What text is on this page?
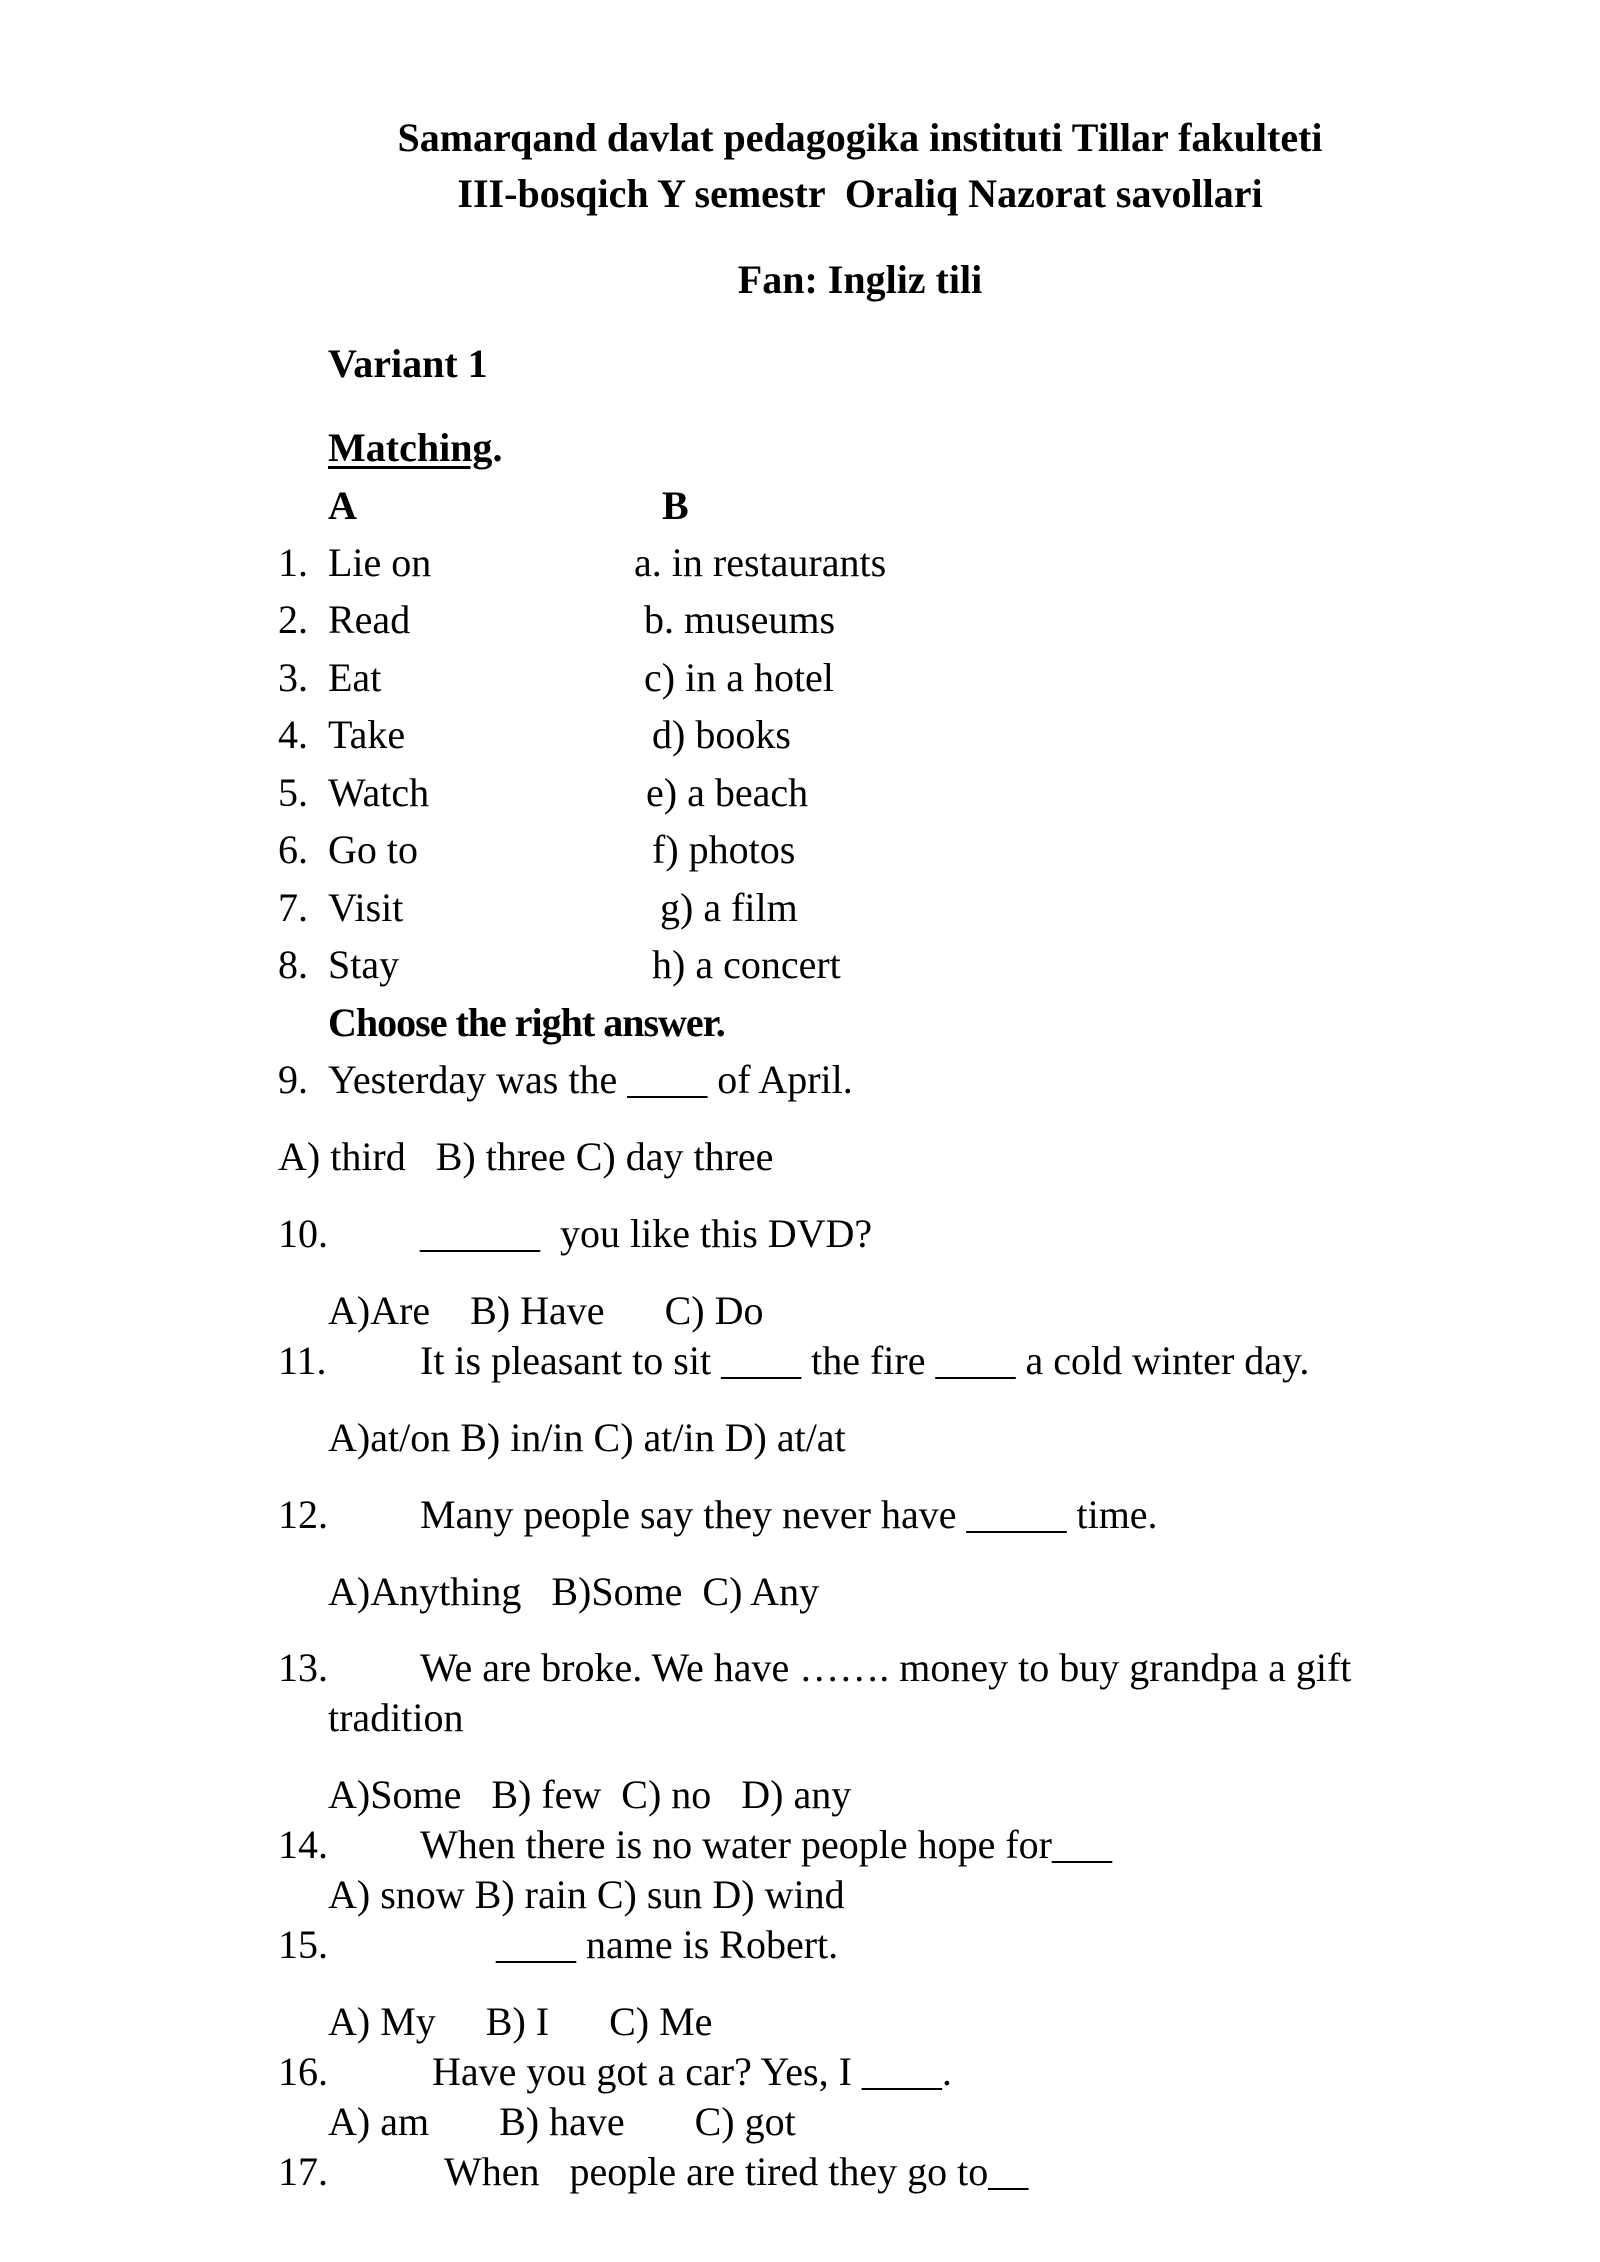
Samarqand davlat pedagogika instituti Tillar fakulteti
III-bosqich Y semestr  Oraliq Nazorat savollari
Fan: Ingliz tili
Variant 1
Matching.
A	B
1. Lie on	a. in restaurants
2. Read	b. museums
3. Eat	c) in a hotel
4. Take	d) books
5. Watch	e) a beach
6. Go to	f) photos
7. Visit	g) a film
8. Stay	h) a concert
Choose the right answer.
9. Yesterday was the ____ of April.
A) third   B) three C) day three
10. ______  you like this DVD?
A)Are    B) Have      C) Do
11. It is pleasant to sit ____ the fire ____ a cold winter day.
A)at/on B) in/in C) at/in D) at/at
12. Many people say they never have _____ time.
A)Anything   B)Some  C) Any
13. We are broke. We have ……. money to buy grandpa a gift
tradition
A)Some   B) few  C) no   D) any
14. When there is no water people hope for___
A) snow B) rain C) sun D) wind
15.	____ name is Robert.
A) My     B) I      C) Me
16.	Have you got a car? Yes, I ____.
A) am       B) have       C) got
17.	When   people are tired they go to__
